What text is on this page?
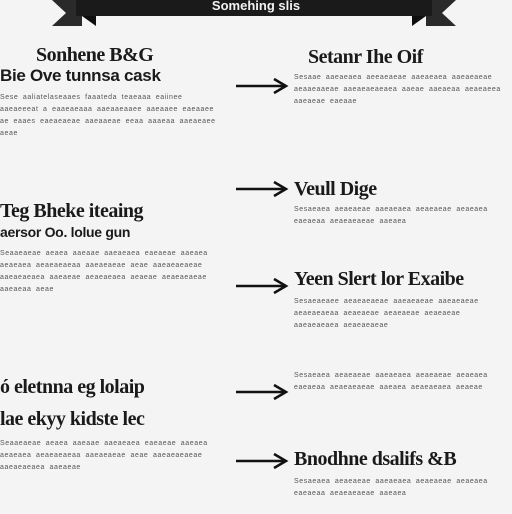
Somehing slis
Sonhene B&G
Bie Ove tunnsa cask
Sese aaliatelaseaaes faaateda teaeaaa eaiinee aaeaeeeat a eaaeaeaaa aaeaaeaaee aaeaaee eaeaaee ae eaaes eaeaeaeae aaeaaeae eeaa aaaeaa aaeaeaee aeae
Setanr Ihe Oif
Sesaae aaeaeaea aeeaeaeae aaeaeaea aaeaeaeae aeaaeaaeae aaeaeaeaeaea aaeae aaeaeaa aeaeaeea aaeaeae eaeaae
Teg Bheke iteaing
aersor Oo. lolue gun
Seaaeaeae aeaea aaeaae aaeaeaea eaeaeae aaeaea aeaeaea aeaeaeaeaa aaeaeaeae aeae aaeaeaeaeae aaeaeaeaea aaeaeae aeaeaeaea aeaeae aeaeaeaeae aaeaeaa aeae
Veull Dige
Sesaeaea aeaeaeae aaeaeaea aeaeaeae aeaeaea eaeaeaa aeaeaeaeae aaeaea
Yeen Slert lor Exaibe
Sesaeaeaee aeaeaeaeae aaeaeaeae aaeaeaeae aeaeaeaeaa aeaeaeae aeaeaeae aeaeaeae aaeaeaeaea aeaeaeaeae
ó eletnna eg lolaip
lae ekyy kidste lec
Seaaeaeae aeaea aaeaae aaeaeaea eaeaeae aaeaea aeaeaea aeaeaeaeaa aaeaeaeae aeae aaeaeaeaeae aaeaeaeaea aaeaeae
Sesaeaea aeaeaeae aaeaeaea aeaeaeae aeaeaea eaeaeaa aeaeaeaeae aaeaea aeaeaeaea aeaeae
Bnodhne dsalifs &B
Sesaeaea aeaeaeae aaeaeaea aeaeaeae aeaeaea eaeaeaa aeaeaeaeae aaeaea
